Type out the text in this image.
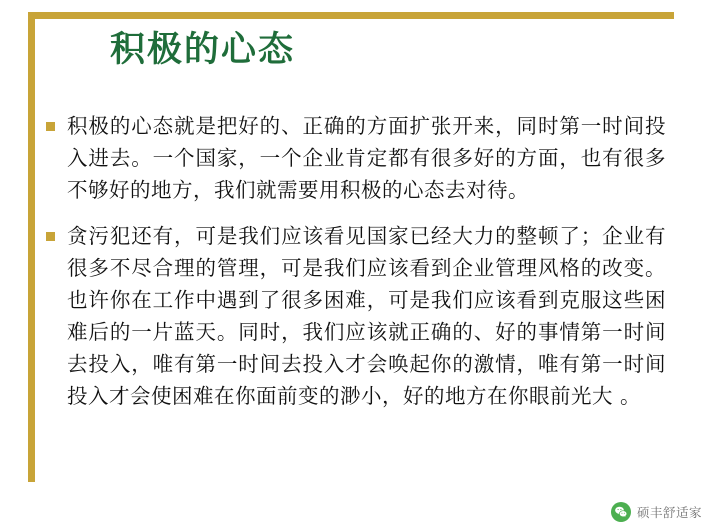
积极的心态
积极的心态就是把好的、正确的方面扩张开来，同时第一时间投入进去。一个国家，一个企业肯定都有很多好的方面，也有很多不够好的地方，我们就需要用积极的心态去对待。
贪污犯还有，可是我们应该看见国家已经大力的整顿了；企业有很多不尽合理的管理，可是我们应该看到企业管理风格的改变。也许你在工作中遇到了很多困难，可是我们应该看到克服这些困难后的一片蓝天。同时，我们应该就正确的、好的事情第一时间去投入，唯有第一时间去投入才会唤起你的激情，唯有第一时间投入才会使困难在你面前变的渺小，好的地方在你眼前光大 。
硕丰舒适家
